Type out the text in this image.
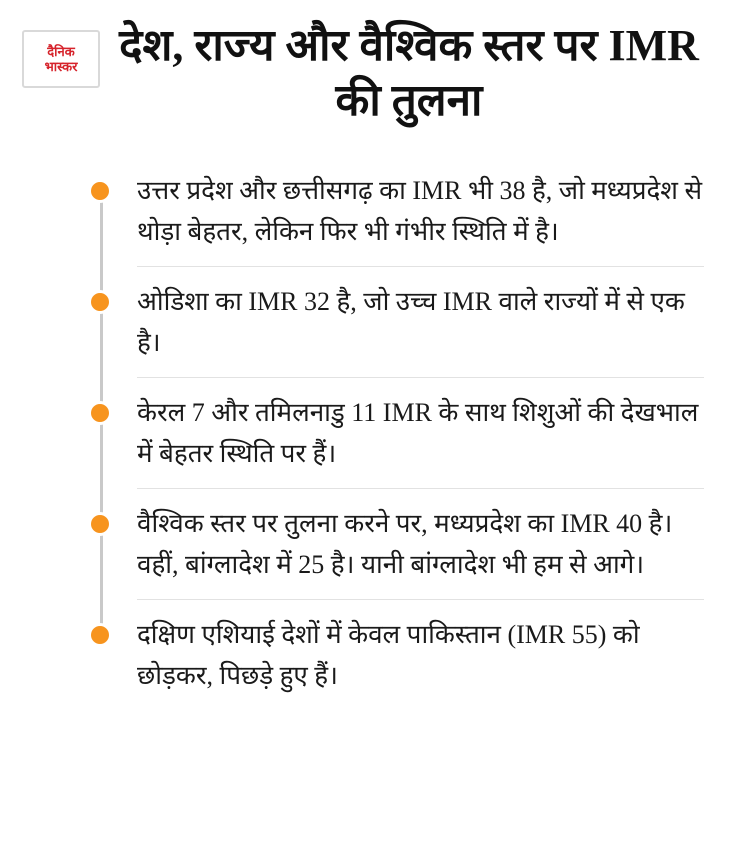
दैनिक
भास्कर देश, राज्य और वैश्विक स्तर पर IMR की तुलना
उत्तर प्रदेश और छत्तीसगढ़ का IMR भी 38 है, जो मध्यप्रदेश से थोड़ा बेहतर, लेकिन फिर भी गंभीर स्थिति में है।
ओडिशा का IMR 32 है, जो उच्च IMR वाले राज्यों में से एक है।
केरल 7 और तमिलनाडु 11 IMR के साथ शिशुओं की देखभाल में बेहतर स्थिति पर हैं।
वैश्विक स्तर पर तुलना करने पर, मध्यप्रदेश का IMR 40 है। वहीं, बांग्लादेश में 25 है। यानी बांग्लादेश भी हम से आगे।
दक्षिण एशियाई देशों में केवल पाकिस्तान (IMR 55) को छोड़कर, पिछड़े हुए हैं।
